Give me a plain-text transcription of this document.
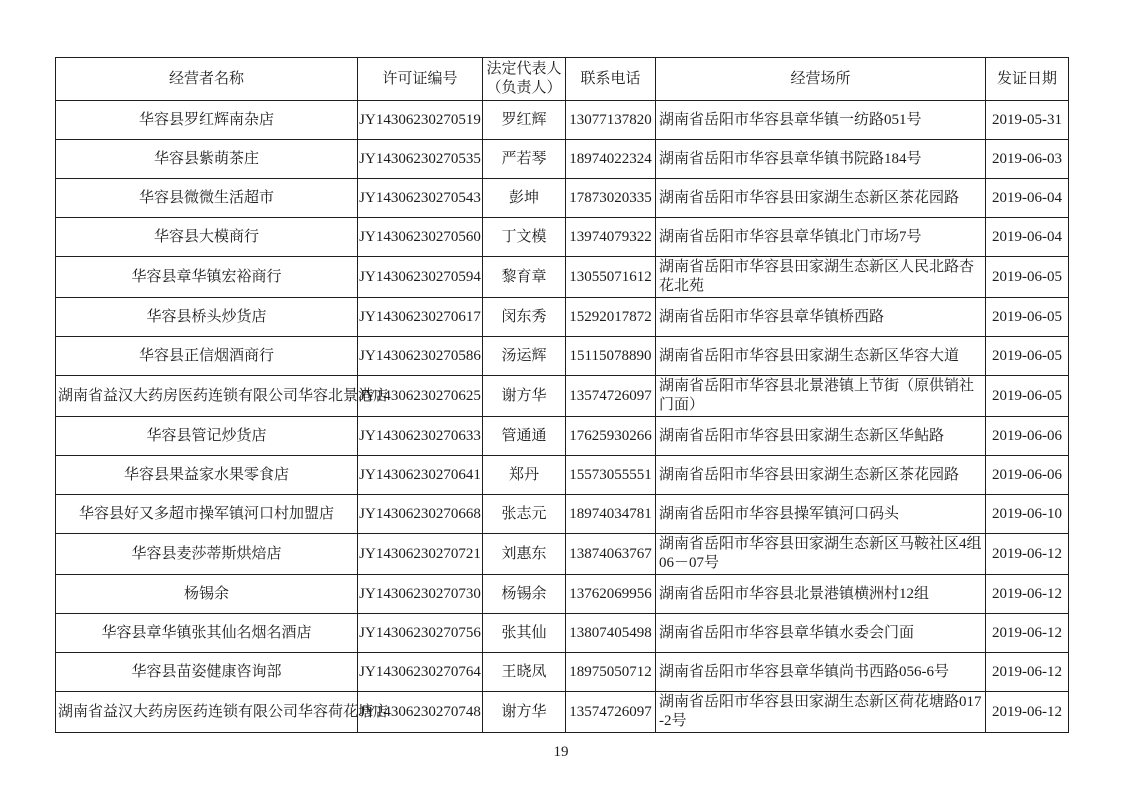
经营者名称	许可证编号	法定代表人（负责人）	联系电话	经营场所	发证日期

华容县罗红辉南杂店	JY14306230270519	罗红辉	13077137820	湖南省岳阳市华容县章华镇一纺路051号	2019-05-31

华容县紫萌茶庄	JY14306230270535	严若琴	18974022324	湖南省岳阳市华容县章华镇书院路184号	2019-06-03

华容县微微生活超市	JY14306230270543	彭坤	17873020335	湖南省岳阳市华容县田家湖生态新区茶花园路	2019-06-04

华容县大模商行	JY14306230270560	丁文模	13974079322	湖南省岳阳市华容县章华镇北门市场7号	2019-06-04

华容县章华镇宏裕商行	JY14306230270594	黎育章	13055071612	湖南省岳阳市华容县田家湖生态新区人民北路杏花北苑	2019-06-05

华容县桥头炒货店	JY14306230270617	闵东秀	15292017872	湖南省岳阳市华容县章华镇桥西路	2019-06-05

华容县正信烟酒商行	JY14306230270586	汤运辉	15115078890	湖南省岳阳市华容县田家湖生态新区华容大道	2019-06-05

湖南省益汉大药房医药连锁有限公司华容北景港店	JY14306230270625	谢方华	13574726097	湖南省岳阳市华容县北景港镇上节街（原供销社门面）	2019-06-05

华容县管记炒货店	JY14306230270633	管通通	17625930266	湖南省岳阳市华容县田家湖生态新区华鲇路	2019-06-06

华容县果益家水果零食店	JY14306230270641	郑丹	15573055551	湖南省岳阳市华容县田家湖生态新区茶花园路	2019-06-06

华容县好又多超市操军镇河口村加盟店	JY14306230270668	张志元	18974034781	湖南省岳阳市华容县操军镇河口码头	2019-06-10

华容县麦莎蒂斯烘焙店	JY14306230270721	刘惠东	13874063767	湖南省岳阳市华容县田家湖生态新区马鞍社区4组06－07号	2019-06-12

杨锡余	JY14306230270730	杨锡余	13762069956	湖南省岳阳市华容县北景港镇横洲村12组	2019-06-12

华容县章华镇张其仙名烟名酒店	JY14306230270756	张其仙	13807405498	湖南省岳阳市华容县章华镇水委会门面	2019-06-12

华容县苗姿健康咨询部	JY14306230270764	王晓凤	18975050712	湖南省岳阳市华容县章华镇尚书西路056-6号	2019-06-12

湖南省益汉大药房医药连锁有限公司华容荷花塘店	JY14306230270748	谢方华	13574726097	湖南省岳阳市华容县田家湖生态新区荷花塘路017-2号	2019-06-12
19
